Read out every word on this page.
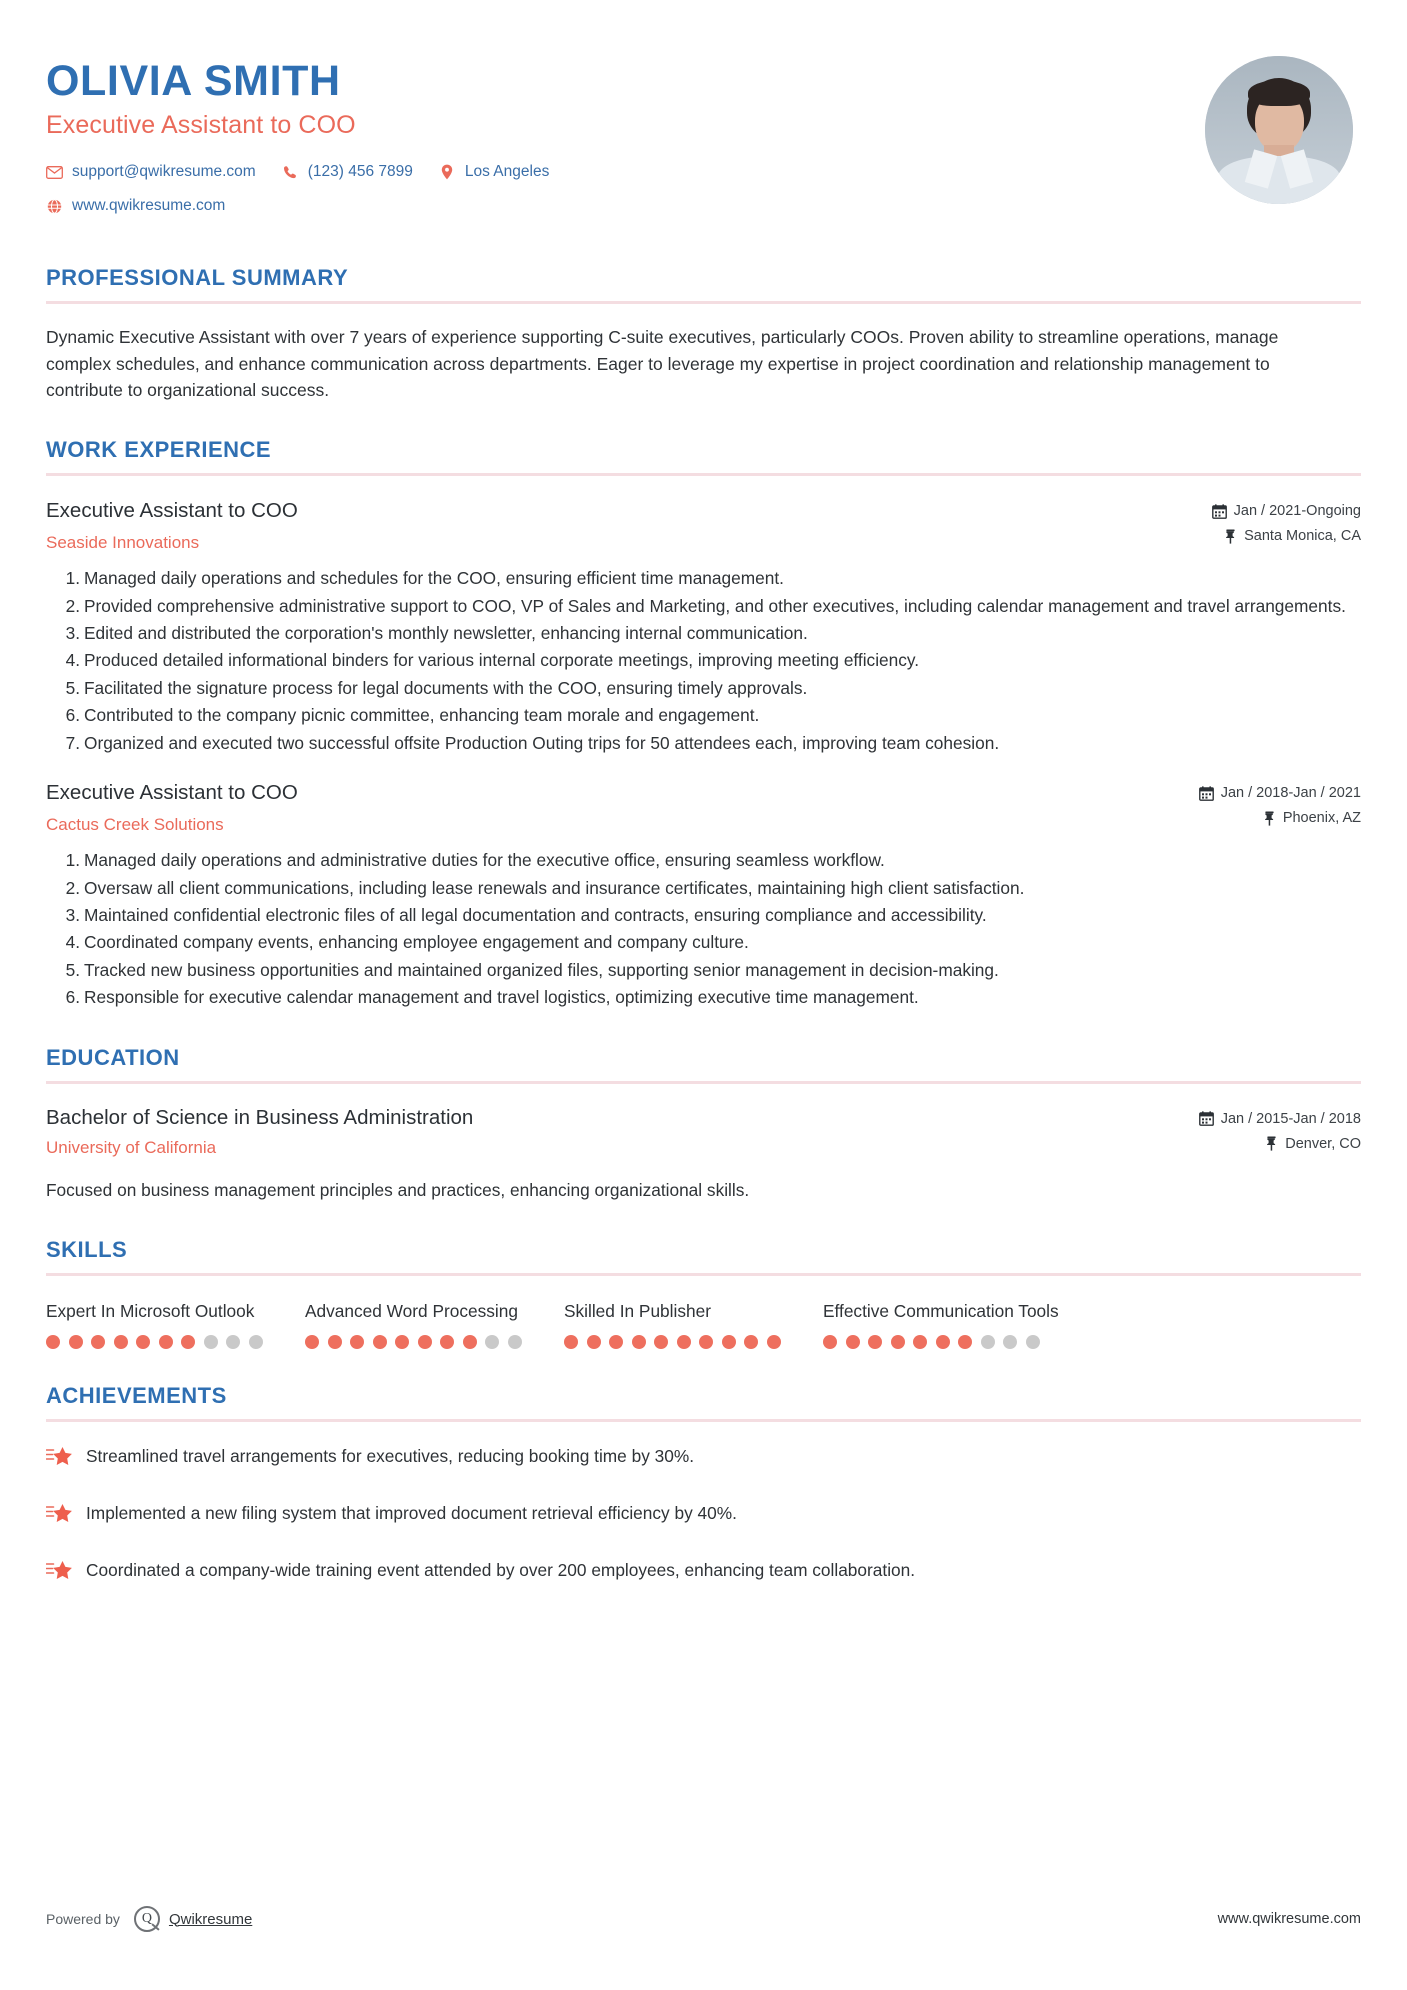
OLIVIA SMITH
Executive Assistant to COO
support@qwikresume.com	(123) 456 7899	Los Angeles
www.qwikresume.com
PROFESSIONAL SUMMARY
Dynamic Executive Assistant with over 7 years of experience supporting C-suite executives, particularly COOs. Proven ability to streamline operations, manage complex schedules, and enhance communication across departments. Eager to leverage my expertise in project coordination and relationship management to contribute to organizational success.
WORK EXPERIENCE
Executive Assistant to COO
Seaside Innovations
Jan / 2021-Ongoing
Santa Monica, CA
Managed daily operations and schedules for the COO, ensuring efficient time management.
Provided comprehensive administrative support to COO, VP of Sales and Marketing, and other executives, including calendar management and travel arrangements.
Edited and distributed the corporation's monthly newsletter, enhancing internal communication.
Produced detailed informational binders for various internal corporate meetings, improving meeting efficiency.
Facilitated the signature process for legal documents with the COO, ensuring timely approvals.
Contributed to the company picnic committee, enhancing team morale and engagement.
Organized and executed two successful offsite Production Outing trips for 50 attendees each, improving team cohesion.
Executive Assistant to COO
Cactus Creek Solutions
Jan / 2018-Jan / 2021
Phoenix, AZ
Managed daily operations and administrative duties for the executive office, ensuring seamless workflow.
Oversaw all client communications, including lease renewals and insurance certificates, maintaining high client satisfaction.
Maintained confidential electronic files of all legal documentation and contracts, ensuring compliance and accessibility.
Coordinated company events, enhancing employee engagement and company culture.
Tracked new business opportunities and maintained organized files, supporting senior management in decision-making.
Responsible for executive calendar management and travel logistics, optimizing executive time management.
EDUCATION
Bachelor of Science in Business Administration
University of California
Jan / 2015-Jan / 2018
Denver, CO
Focused on business management principles and practices, enhancing organizational skills.
SKILLS
Expert In Microsoft Outlook	Advanced Word Processing	Skilled In Publisher	Effective Communication Tools
ACHIEVEMENTS
Streamlined travel arrangements for executives, reducing booking time by 30%.
Implemented a new filing system that improved document retrieval efficiency by 40%.
Coordinated a company-wide training event attended by over 200 employees, enhancing team collaboration.
Powered by	Q	Qwikresume	www.qwikresume.com
